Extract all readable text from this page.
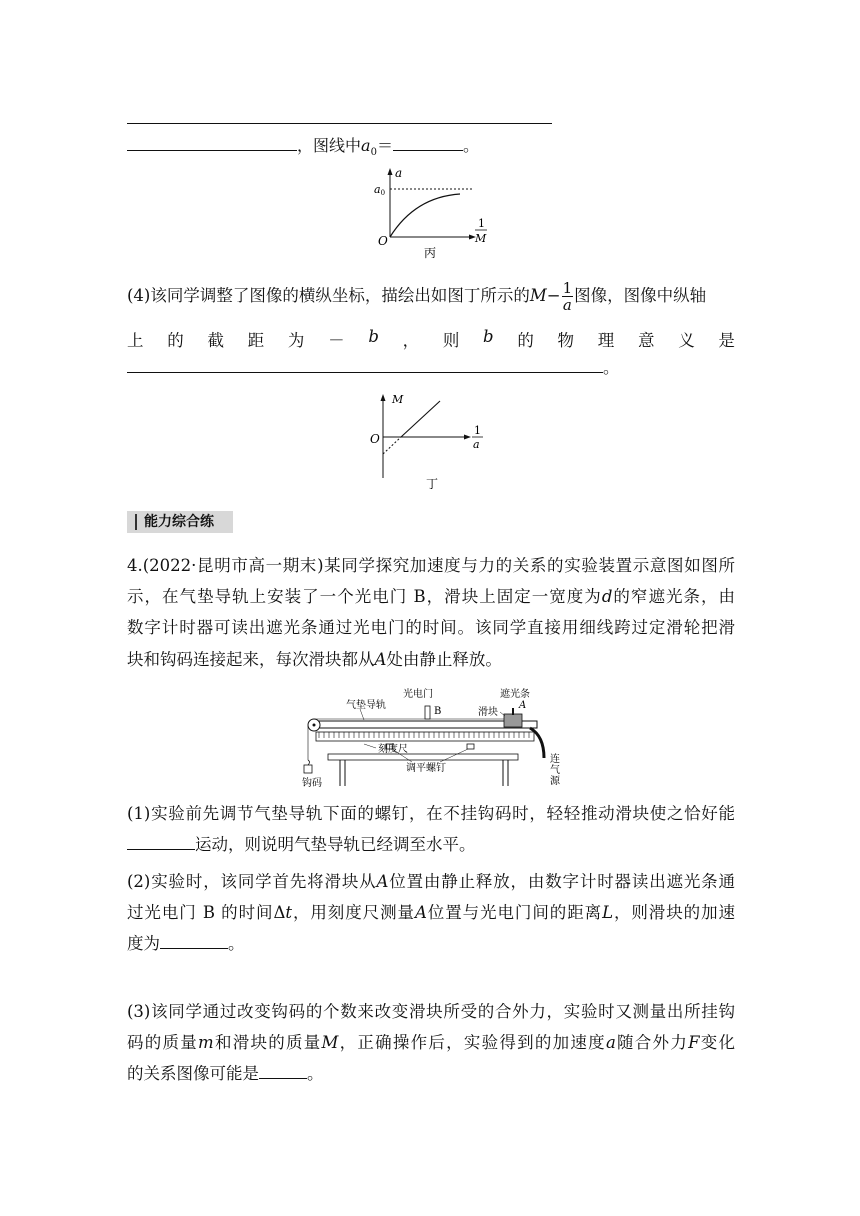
，图线中$a_0=$	。
a
a0
O
1
M
丙
(4)该同学调整了图像的横纵坐标，描绘出如图丁所示的$M- \frac{1}{a}$ 图像，图像中纵轴
上 的 截 距 为 － b ， 则 b 的 物 理 意 义 是
。
M
O
1
a
丁
能力综合练
4.(2022·昆明市高一期末)某同学探究加速度与力的关系的实验装置示意图如图所
示，在气垫导轨上安装了一个光电门 B，滑块上固定一宽度为d的窄遮光条，由
数字计时器可读出遮光条通过光电门的时间。该同学直接用细线跨过定滑轮把滑
块和钩码连接起来，每次滑块都从A处由静止释放。
光电门
B
气垫导轨
滑块
遮光条
A
刻度尺
调平螺钉
钩码
连
气
源
(1)实验前先调节气垫导轨下面的螺钉，在不挂钩码时，轻轻推动滑块使之恰好能
运动，则说明气垫导轨已经调至水平。
(2)实验时，该同学首先将滑块从A位置由静止释放，由数字计时器读出遮光条通
过光电门 B 的时间Δt，用刻度尺测量A位置与光电门间的距离L，则滑块的加速
度为	。
(3)该同学通过改变钩码的个数来改变滑块所受的合外力，实验时又测量出所挂钩
码的质量m和滑块的质量M，正确操作后，实验得到的加速度a随合外力F变化
的关系图像可能是	。
